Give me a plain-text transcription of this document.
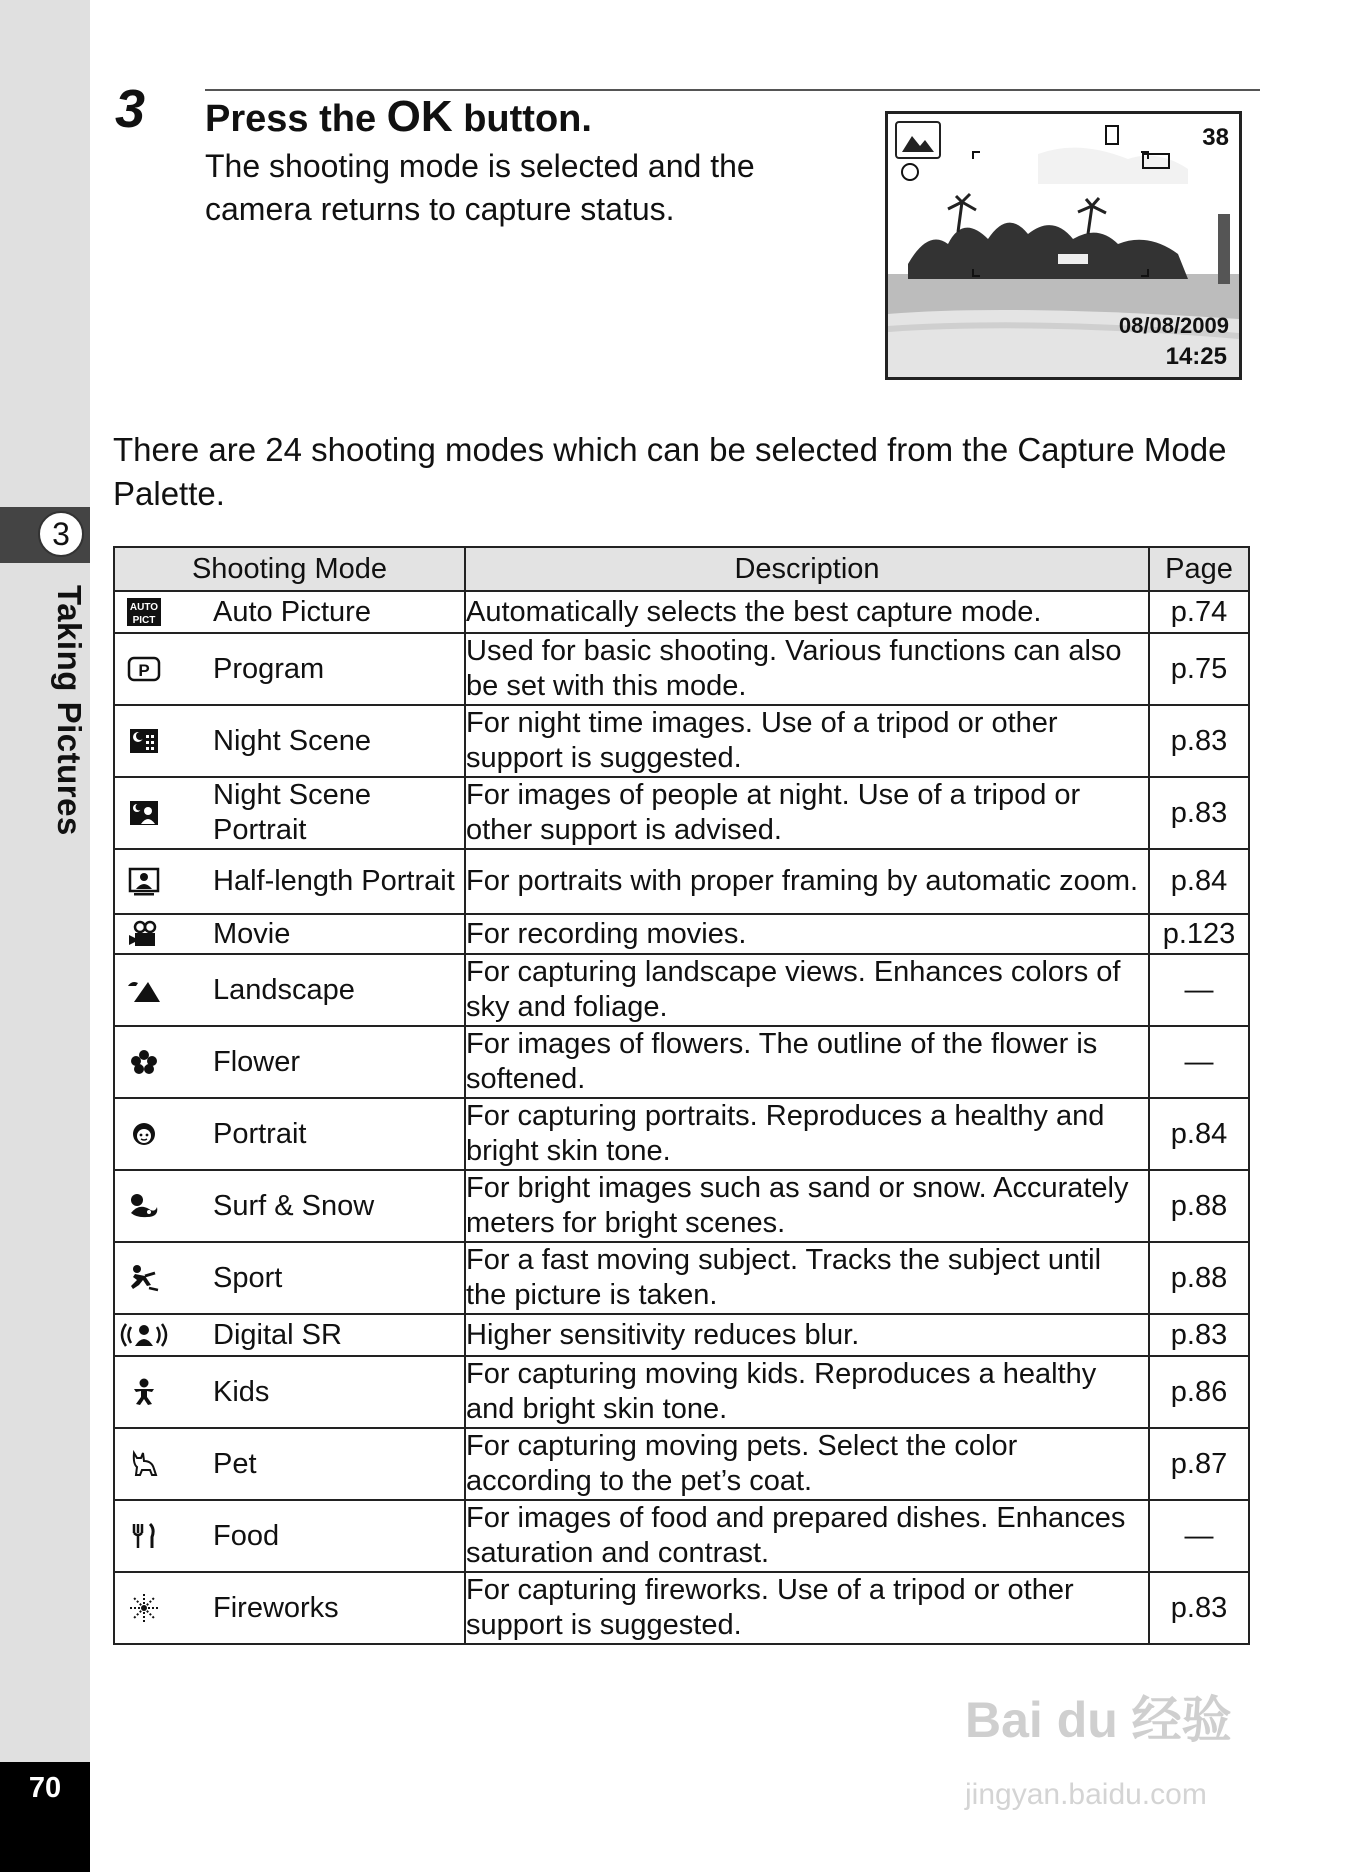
3
Taking Pictures
70
3 Press the OK button.
The shooting mode is selected and the camera returns to capture status.
38
08/08/2009
14:25
There are 24 shooting modes which can be selected from the Capture Mode Palette.
Shooting Mode	Description	Page

AUTO
PICT Auto Picture	Automatically selects the best capture mode.	p.74

P Program	Used for basic shooting. Various functions can also be set with this mode.	p.75

Night Scene	For night time images. Use of a tripod or other support is suggested.	p.83

Night Scene Portrait	For images of people at night. Use of a tripod or other support is advised.	p.83

Half-length Portrait	For portraits with proper framing by automatic zoom.	p.84

Movie	For recording movies.	p.123

Landscape	For capturing landscape views. Enhances colors of sky and foliage.	—

Flower	For images of flowers. The outline of the flower is softened.	—

Portrait	For capturing portraits. Reproduces a healthy and bright skin tone.	p.84

Surf & Snow	For bright images such as sand or snow. Accurately meters for bright scenes.	p.88

Sport	For a fast moving subject. Tracks the subject until the picture is taken.	p.88

Digital SR	Higher sensitivity reduces blur.	p.83

Kids	For capturing moving kids. Reproduces a healthy and bright skin tone.	p.86

Pet	For capturing moving pets. Select the color according to the pet’s coat.	p.87

Food	For images of food and prepared dishes. Enhances saturation and contrast.	—

Fireworks	For capturing fireworks. Use of a tripod or other support is suggested.	p.83
Bai du 经验
jingyan.baidu.com
